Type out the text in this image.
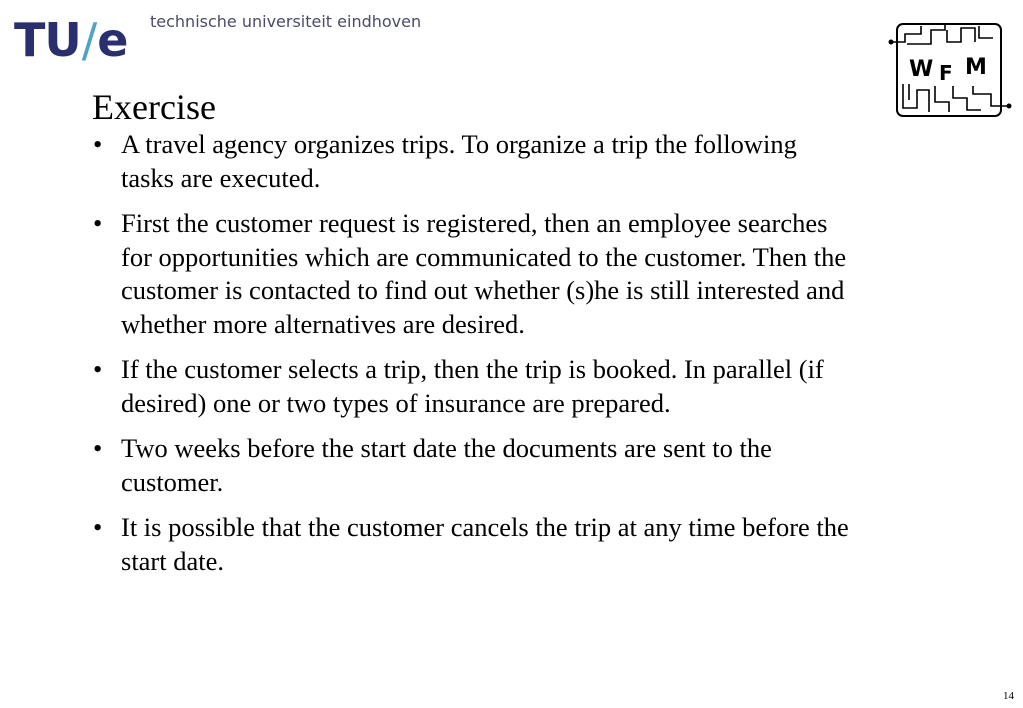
TU/e technische universiteit eindhoven
W F M
Exercise
• A travel agency organizes trips. To organize a trip the following tasks are executed.
• First the customer request is registered, then an employee searches for opportunities which are communicated to the customer. Then the customer is contacted to find out whether (s)he is still interested and whether more alternatives are desired.
• If the customer selects a trip, then the trip is booked. In parallel (if desired) one or two types of insurance are prepared.
• Two weeks before the start date the documents are sent to the customer.
• It is possible that the customer cancels the trip at any time before the start date.
14
